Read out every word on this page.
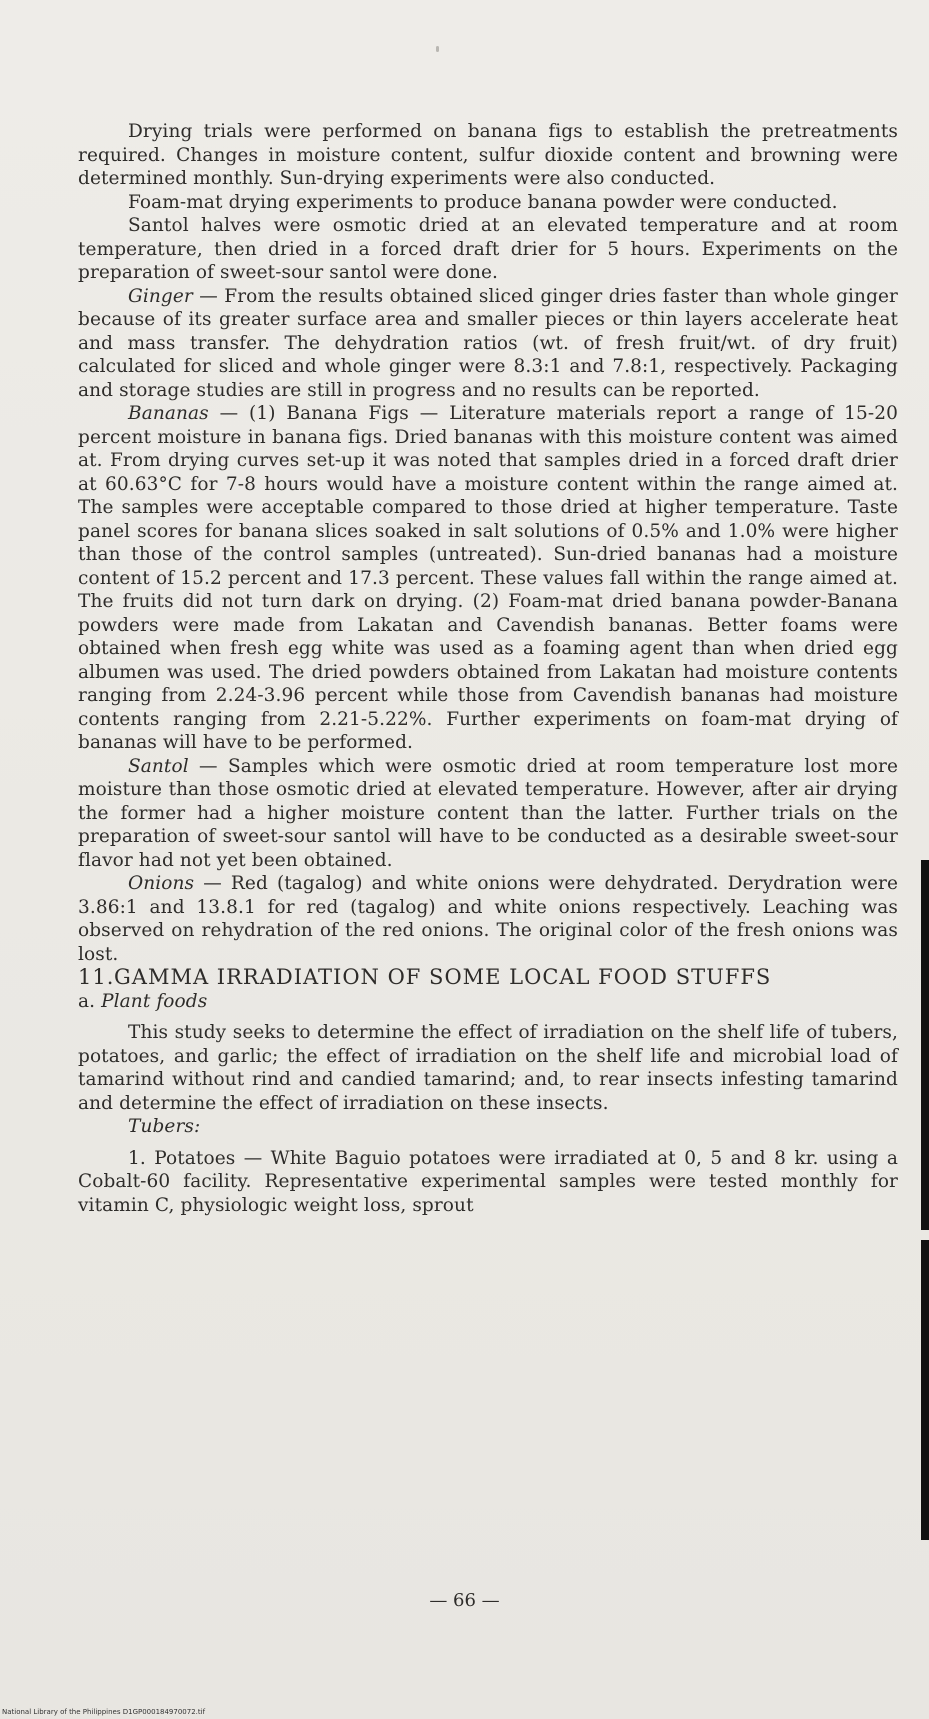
Drying trials were performed on banana figs to establish the pretreatments required. Changes in moisture content, sulfur dioxide content and browning were determined monthly. Sun-drying experiments were also conducted.

Foam-mat drying experiments to produce banana powder were conducted.

Santol halves were osmotic dried at an elevated temperature and at room temperature, then dried in a forced draft drier for 5 hours. Experiments on the preparation of sweet-sour santol were done.

Ginger — From the results obtained sliced ginger dries faster than whole ginger because of its greater surface area and smaller pieces or thin layers accelerate heat and mass transfer. The dehydration ratios (wt. of fresh fruit/wt. of dry fruit) calculated for sliced and whole ginger were 8.3:1 and 7.8:1, respectively. Packaging and storage studies are still in progress and no results can be reported.

Bananas — (1) Banana Figs — Literature materials report a range of 15-20 percent moisture in banana figs. Dried bananas with this moisture content was aimed at. From drying curves set-up it was noted that samples dried in a forced draft drier at 60.63°C for 7-8 hours would have a moisture content within the range aimed at. The samples were acceptable compared to those dried at higher temperature. Taste panel scores for banana slices soaked in salt solutions of 0.5% and 1.0% were higher than those of the control samples (untreated). Sun-dried bananas had a moisture content of 15.2 percent and 17.3 percent. These values fall within the range aimed at. The fruits did not turn dark on drying. (2) Foam-mat dried banana powder-Banana powders were made from Lakatan and Cavendish bananas. Better foams were obtained when fresh egg white was used as a foaming agent than when dried egg albumen was used. The dried powders obtained from Lakatan had moisture contents ranging from 2.24-3.96 percent while those from Cavendish bananas had moisture contents ranging from 2.21-5.22%. Further experiments on foam-mat drying of bananas will have to be performed.

Santol — Samples which were osmotic dried at room temperature lost more moisture than those osmotic dried at elevated temperature. However, after air drying the former had a higher moisture content than the latter. Further trials on the preparation of sweet-sour santol will have to be conducted as a desirable sweet-sour flavor had not yet been obtained.

Onions — Red (tagalog) and white onions were dehydrated. Derydration were 3.86:1 and 13.8.1 for red (tagalog) and white onions respectively. Leaching was observed on rehydration of the red onions. The original color of the fresh onions was lost.

11.GAMMA IRRADIATION OF SOME LOCAL FOOD STUFFS

a. Plant foods

This study seeks to determine the effect of irradiation on the shelf life of tubers, potatoes, and garlic; the effect of irradiation on the shelf life and microbial load of tamarind without rind and candied tamarind; and, to rear insects infesting tamarind and determine the effect of irradiation on these insects.

Tubers:

1. Potatoes — White Baguio potatoes were irradiated at 0, 5 and 8 kr. using a Cobalt-60 facility. Representative experimental samples were tested monthly for vitamin C, physiologic weight loss, sprout

— 66 —
National Library of the Philippines D1GP000184970072.tif
